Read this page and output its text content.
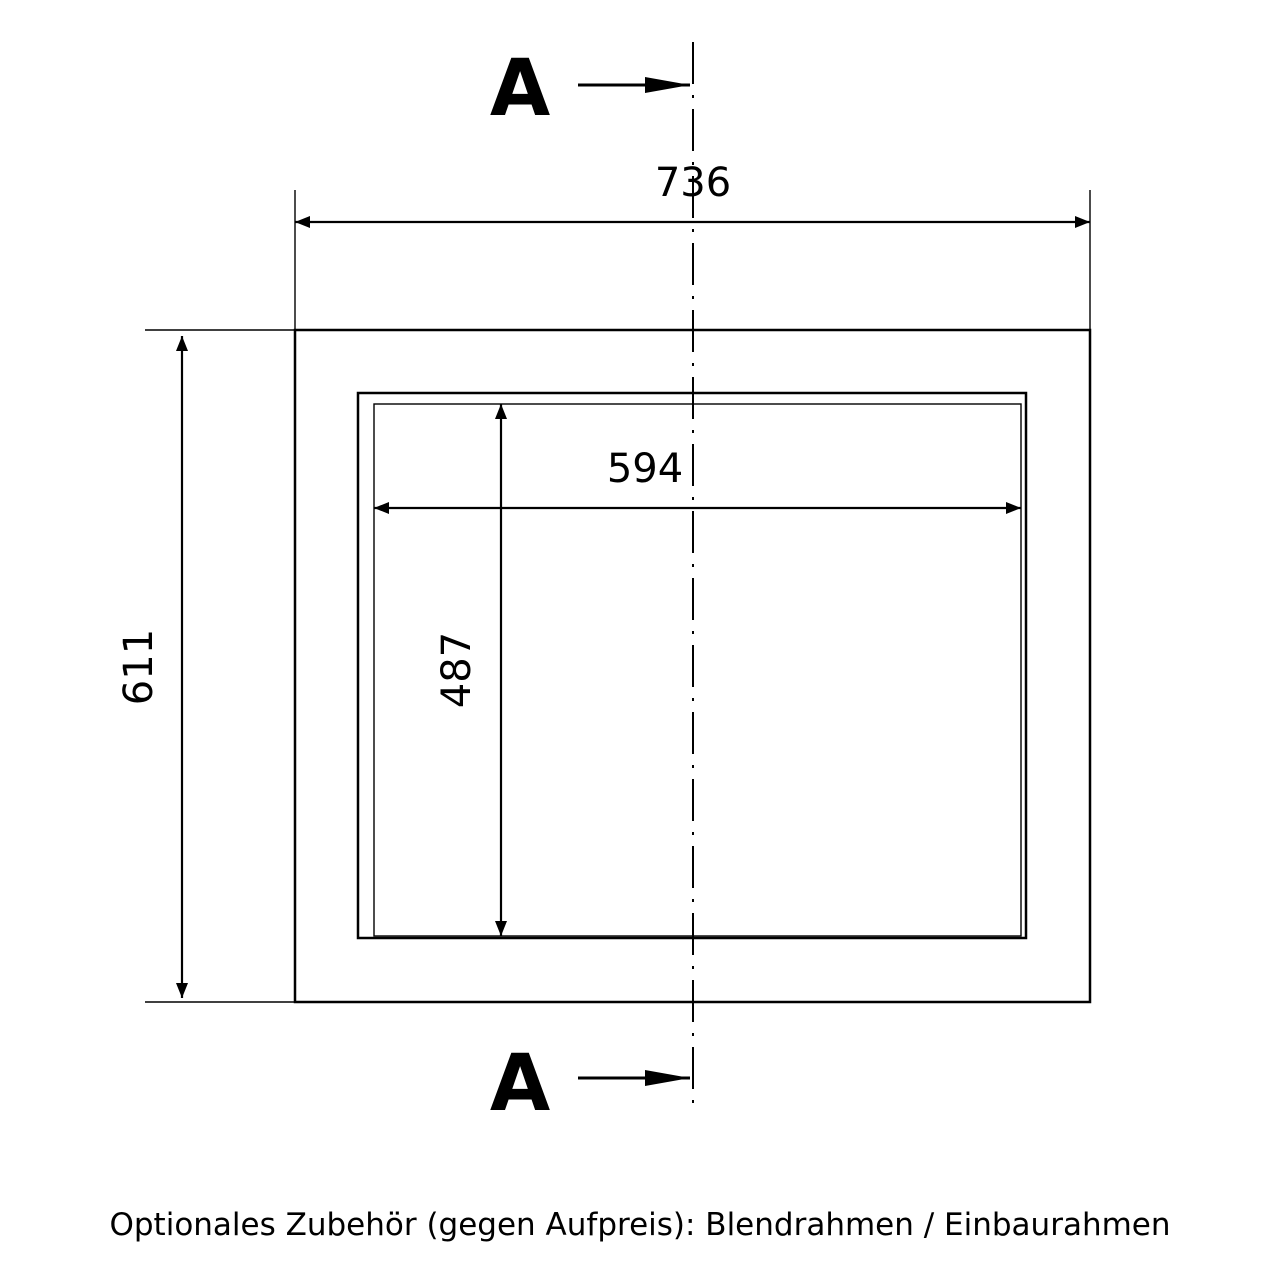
736
611
594
487
A
A
Optionales Zubehör (gegen Aufpreis): Blendrahmen / Einbaurahmen
